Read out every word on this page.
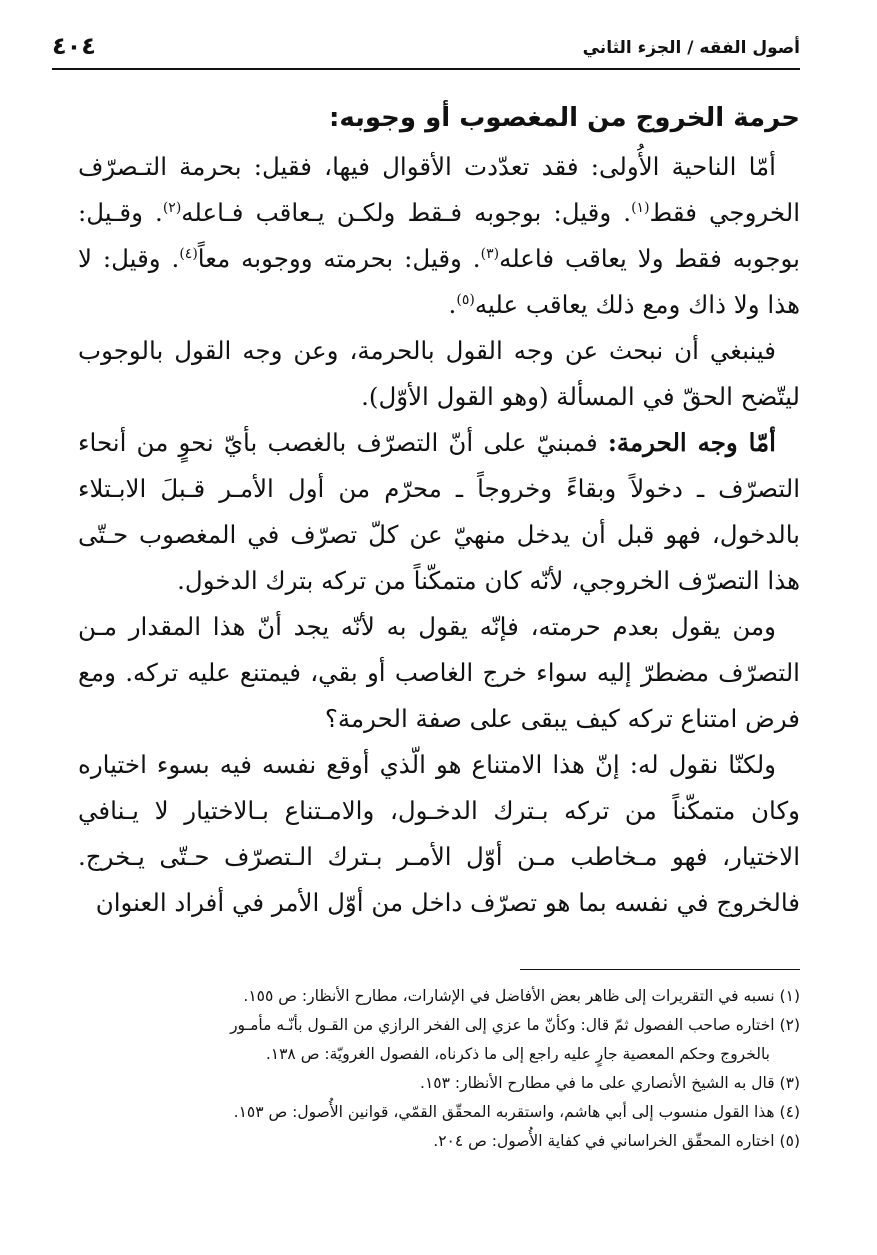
أصول الفقه / الجزء الثاني
٤٠٤
حرمة الخروج من المغصوب أو وجوبه:

أمّا الناحية الأُولى: فقد تعدّدت الأقوال فيها، فقيل: بحرمة التـصرّف الخروجي فقط$^{(١)}$. وقيل: بوجوبه فـقط ولكـن يـعاقب فـاعله$^{(٢)}$. وقـيل: بوجوبه فقط ولا يعاقب فاعله$^{(٣)}$. وقيل: بحرمته ووجوبه معاً$^{(٤)}$. وقيل: لا هذا ولا ذاك ومع ذلك يعاقب عليه$^{(٥)}$.

فينبغي أن نبحث عن وجه القول بالحرمة، وعن وجه القول بالوجوب ليتّضح الحقّ في المسألة (وهو القول الأوّل).

أمّا وجه الحرمة: فمبنيّ على أنّ التصرّف بالغصب بأيّ نحوٍ من أنحاء التصرّف ـ دخولاً وبقاءً وخروجاً ـ محرّم من أول الأمـر قـبلَ الابـتلاء بالدخول، فهو قبل أن يدخل منهيّ عن كلّ تصرّف في المغصوب حـتّى هذا التصرّف الخروجي، لأنّه كان متمكّناً من تركه بترك الدخول.

ومن يقول بعدم حرمته، فإنّه يقول به لأنّه يجد أنّ هذا المقدار مـن التصرّف مضطرّ إليه سواء خرج الغاصب أو بقي، فيمتنع عليه تركه. ومع فرض امتناع تركه كيف يبقى على صفة الحرمة؟

ولكنّا نقول له: إنّ هذا الامتناع هو الّذي أوقع نفسه فيه بسوء اختياره وكان متمكّناً من تركه بـترك الدخـول، والامـتناع بـالاختيار لا يـنافي الاختيار، فهو مـخاطب مـن أوّل الأمـر بـترك الـتصرّف حـتّى يـخرج. فالخروج في نفسه بما هو تصرّف داخل من أوّل الأمر في أفراد العنوان

(١) نسبه في التقريرات إلى ظاهر بعض الأفاضل في الإشارات، مطارح الأنظار: ص ١٥٥.

(٢) اختاره صاحب الفصول ثمّ قال: وكأنّ ما عزي إلى الفخر الرازي من القـول بأنّـه مأمـور
بالخروج وحكم المعصية جارٍ عليه راجع إلى ما ذكرناه، الفصول الغرويّة: ص ١٣٨.

(٣) قال به الشيخ الأنصاري على ما في مطارح الأنظار: ١٥٣.

(٤) هذا القول منسوب إلى أبي هاشم، واستقربه المحقّق القمّي، قوانين الأُصول: ص ١٥٣.

(٥) اختاره المحقّق الخراساني في كفاية الأُصول: ص ٢٠٤.
